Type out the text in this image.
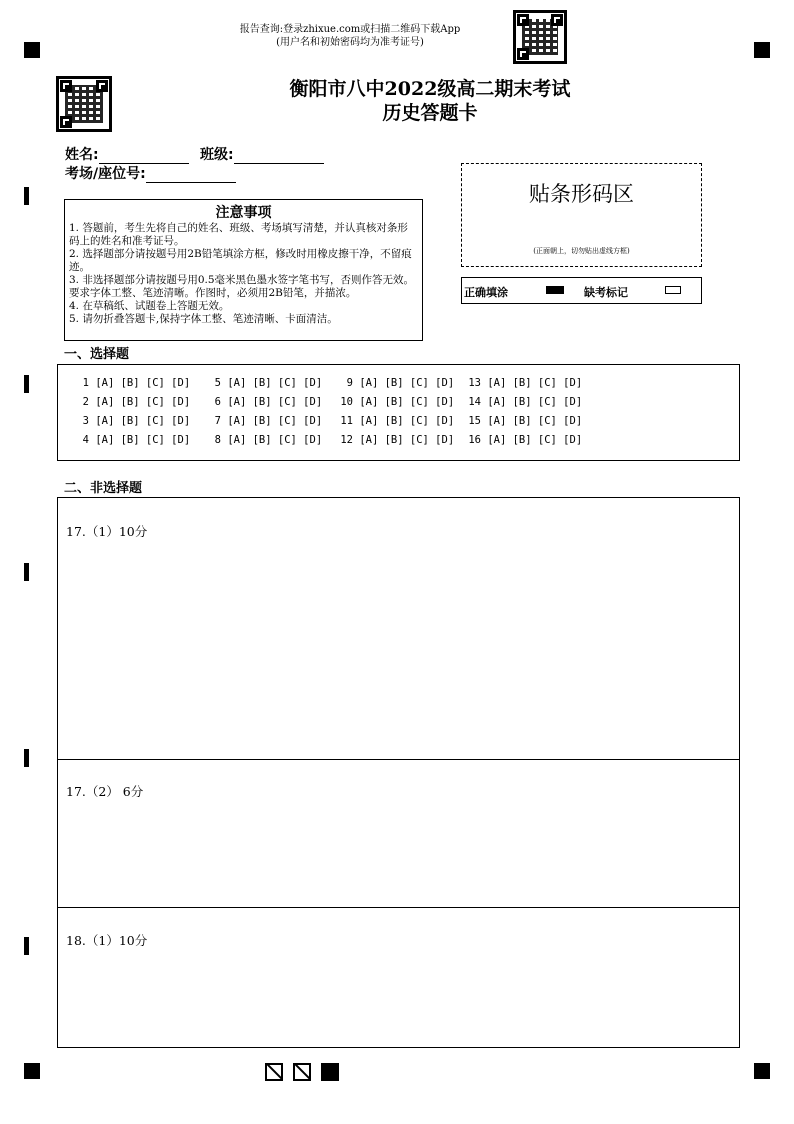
报告查询:登录zhixue.com或扫描二维码下载App
(用户名和初始密码均为准考证号)
衡阳市八中2022级高二期末考试
历史答题卡
姓名:	班级:
考场/座位号:
注意事项
1. 答题前，考生先将自己的姓名、班级、考场填写清楚，并认真核对条形码上的姓名和准考证号。
2. 选择题部分请按题号用2B铅笔填涂方框，修改时用橡皮擦干净，不留痕迹。
3. 非选择题部分请按题号用0.5毫米黑色墨水签字笔书写，否则作答无效。要求字体工整、笔迹清晰。作图时，必须用2B铅笔，并描浓。
4. 在草稿纸、试题卷上答题无效。
5. 请勿折叠答题卡,保持字体工整、笔迹清晰、卡面清洁。
贴条形码区
(正面朝上，切勿贴出虚线方框)
正确填涂	缺考标记
一、选择题
1 [A] [B] [C] [D]
2 [A] [B] [C] [D]
3 [A] [B] [C] [D]
4 [A] [B] [C] [D]
5 [A] [B] [C] [D]
6 [A] [B] [C] [D]
7 [A] [B] [C] [D]
8 [A] [B] [C] [D]
9 [A] [B] [C] [D]
10 [A] [B] [C] [D]
11 [A] [B] [C] [D]
12 [A] [B] [C] [D]
13 [A] [B] [C] [D]
14 [A] [B] [C] [D]
15 [A] [B] [C] [D]
16 [A] [B] [C] [D]
二、非选择题
17.（1）10分
17.（2） 6分
18.（1）10分
